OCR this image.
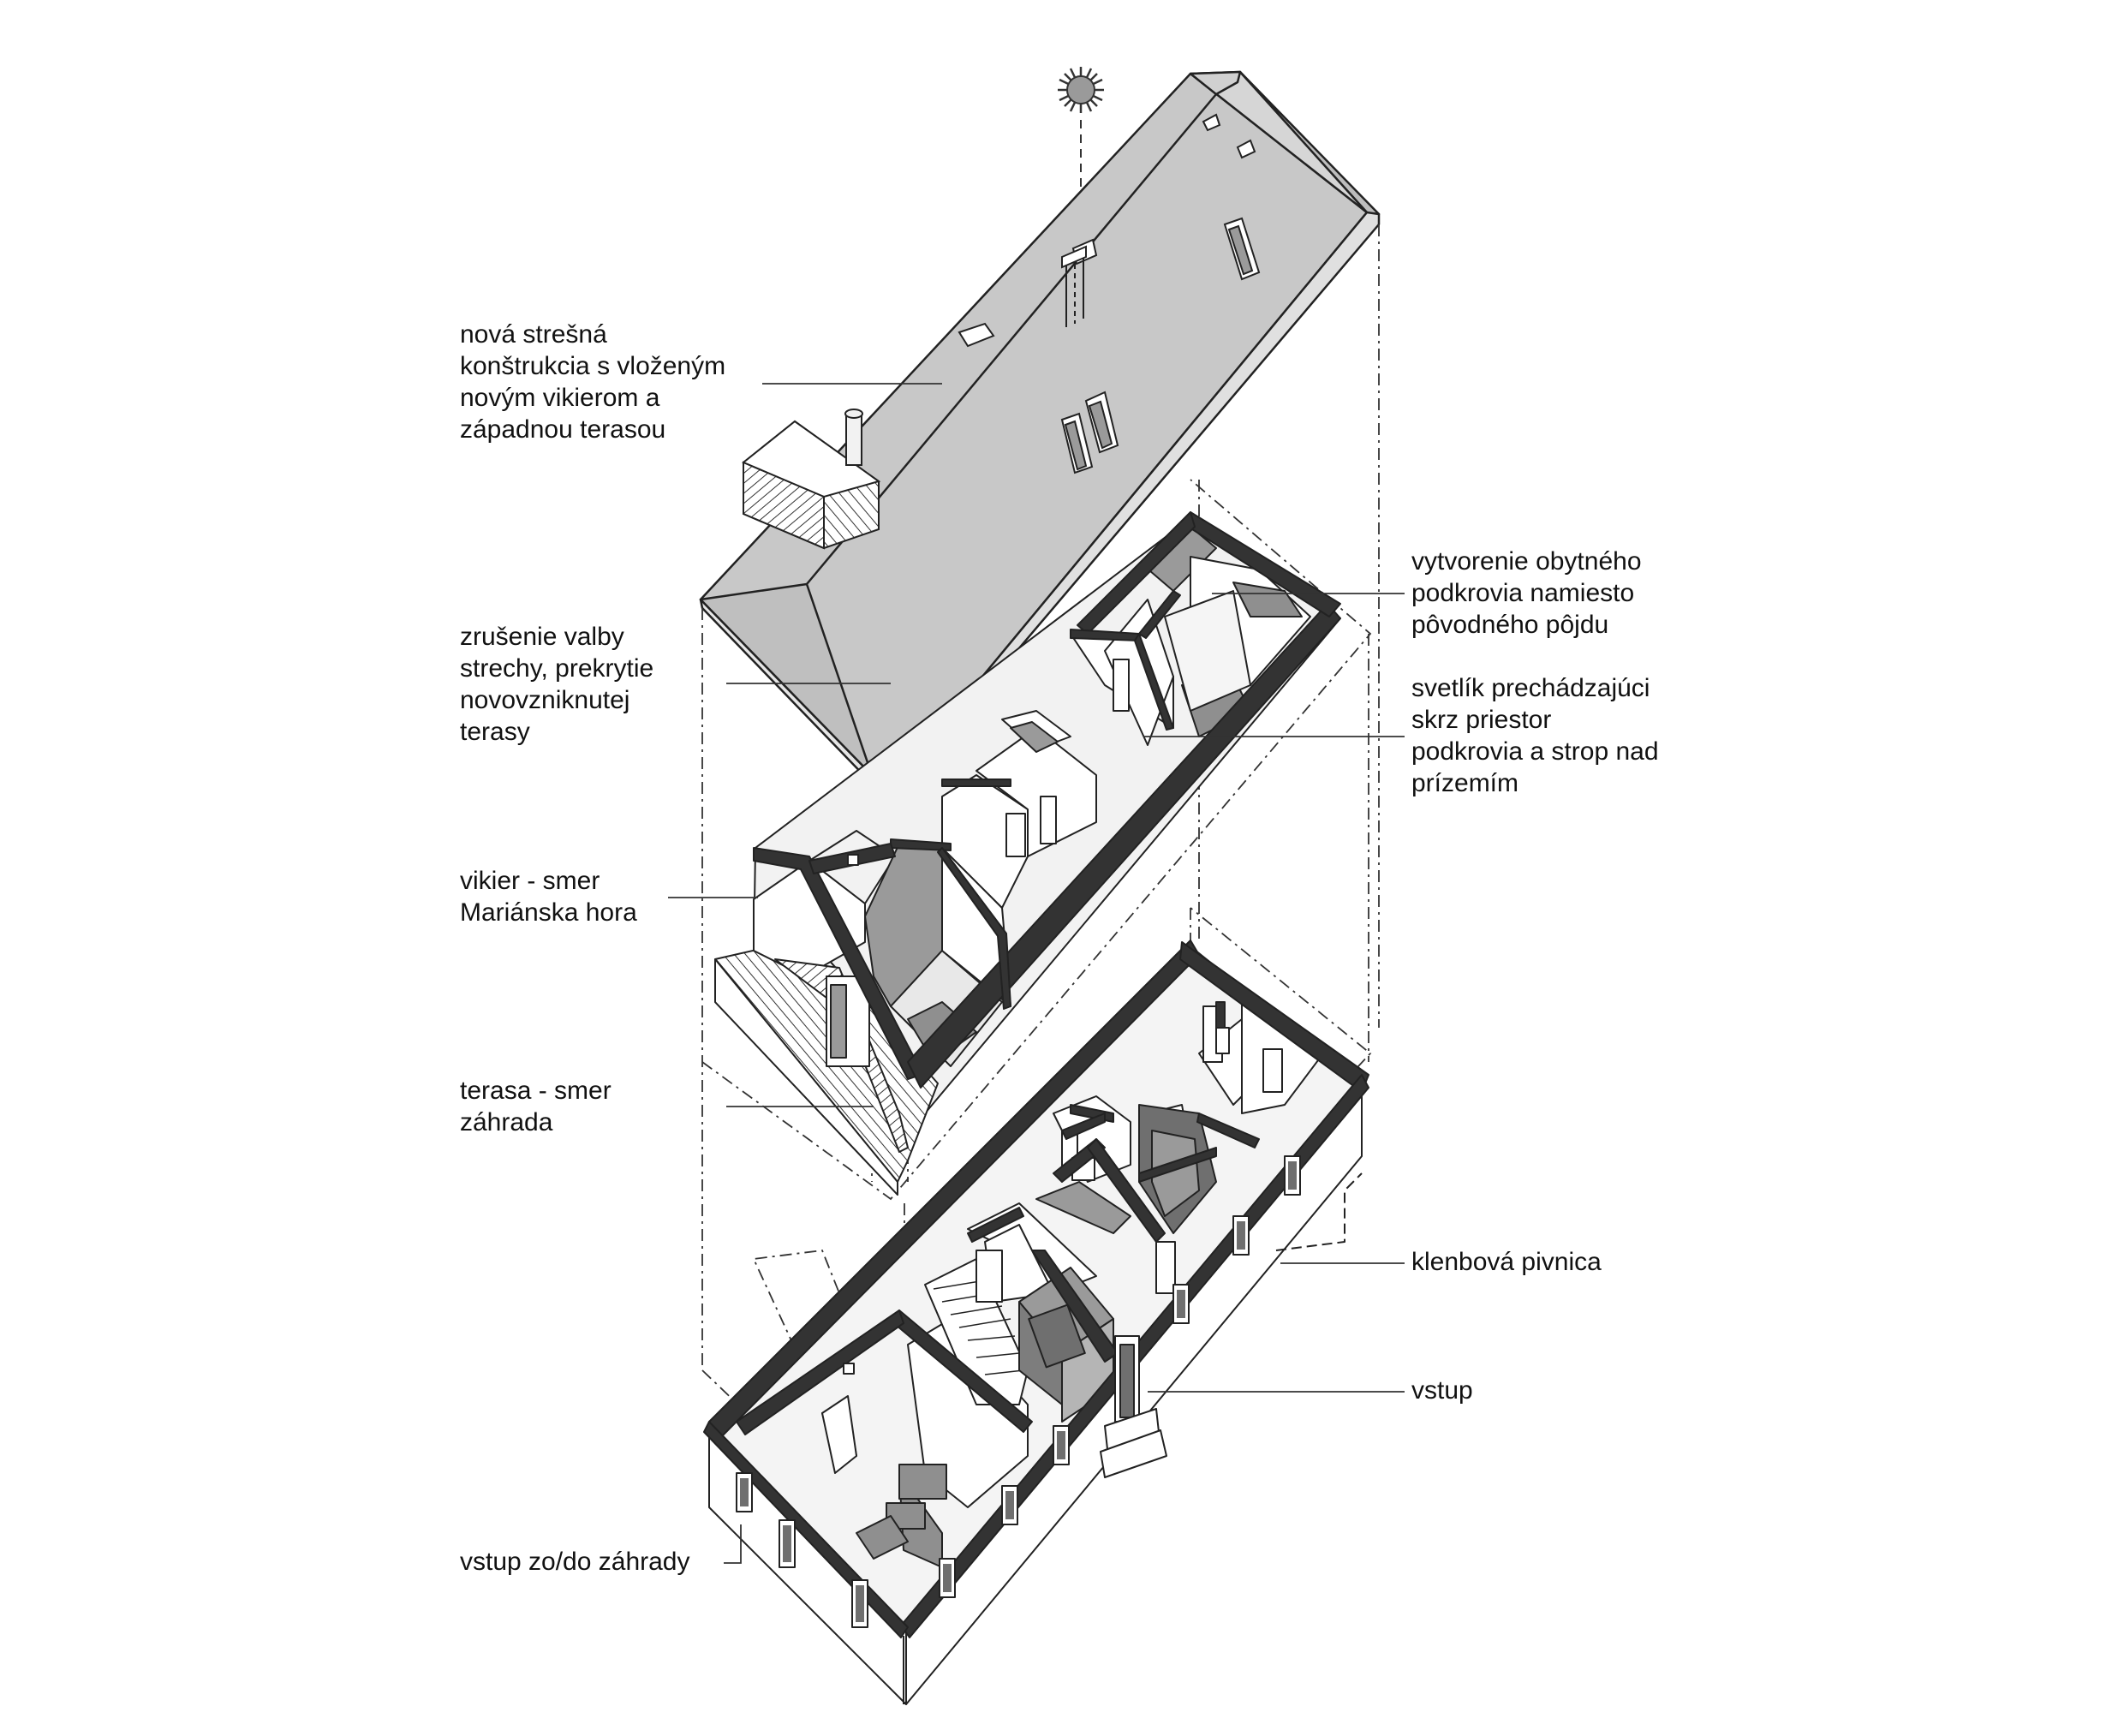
nová strešná
konštrukcia s vloženým
novým vikierom a
západnou terasou
zrušenie valby
strechy, prekrytie
novovzniknutej
terasy
vikier - smer
Mariánska hora
terasa - smer
záhrada
vstup zo/do záhrady
vytvorenie obytného
podkrovia namiesto
pôvodného pôjdu
svetlík prechádzajúci
skrz priestor
podkrovia a strop nad
prízemím
klenbová pivnica
vstup
